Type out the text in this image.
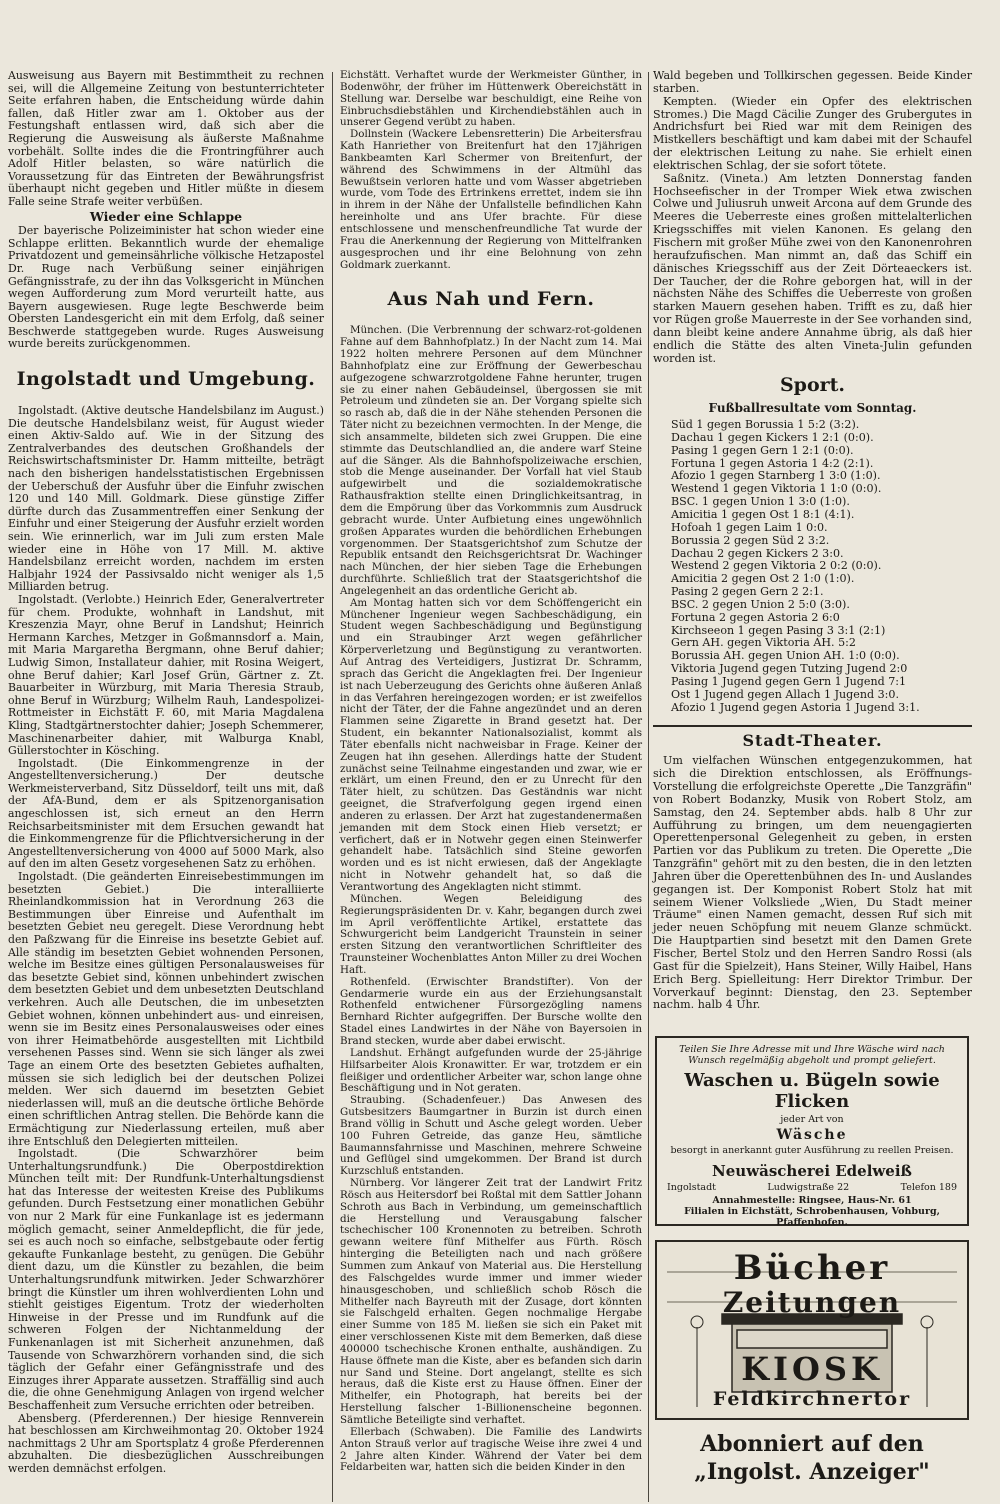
Ausweisung aus Bayern mit Bestimmtheit zu rechnen sei, will die Allgemeine Zeitung von bestunterrichteter Seite erfahren haben, die Entscheidung würde dahin fallen, daß Hitler zwar am 1. Oktober aus der Festungshaft entlassen wird, daß sich aber die Regierung die Ausweisung als äußerste Maßnahme vorbehält. Sollte indes die die Frontringführer auch Adolf Hitler belasten, so wäre natürlich die Voraussetzung für das Eintreten der Bewährungsfrist überhaupt nicht gegeben und Hitler müßte in diesem Falle seine Strafe weiter verbüßen.

Wieder eine Schlappe

Der bayerische Polizeiminister hat schon wieder eine Schlappe erlitten. Bekanntlich wurde der ehemalige Privatdozent und gemeinsährliche völkische Hetzapostel Dr. Ruge nach Verbüßung seiner einjährigen Gefängnisstrafe, zu der ihn das Volksgericht in München wegen Aufforderung zum Mord verurteilt hatte, aus Bayern ausgewiesen. Ruge legte Beschwerde beim Obersten Landesgericht ein mit dem Erfolg, daß seiner Beschwerde stattgegeben wurde. Ruges Ausweisung wurde bereits zurückgenommen.

Ingolstadt und Umgebung.

Ingolstadt. (Aktive deutsche Handelsbilanz im August.) Die deutsche Handelsbilanz weist, für August wieder einen Aktiv-Saldo auf. Wie in der Sitzung des Zentralverbandes des deutschen Großhandels der Reichswirtschaftsminister Dr. Hamm mitteilte, beträgt nach den bisherigen handelsstatistischen Ergebnissen der Ueberschuß der Ausfuhr über die Einfuhr zwischen 120 und 140 Mill. Goldmark. Diese günstige Ziffer dürfte durch das Zusammentreffen einer Senkung der Einfuhr und einer Steigerung der Ausfuhr erzielt worden sein. Wie erinnerlich, war im Juli zum ersten Male wieder eine in Höhe von 17 Mill. M. aktive Handelsbilanz erreicht worden, nachdem im ersten Halbjahr 1924 der Passivsaldo nicht weniger als 1,5 Milliarden betrug.

Ingolstadt. (Verlobte.) Heinrich Eder, Generalvertreter für chem. Produkte, wohnhaft in Landshut, mit Kreszenzia Mayr, ohne Beruf in Landshut; Heinrich Hermann Karches, Metzger in Goßmannsdorf a. Main, mit Maria Margaretha Bergmann, ohne Beruf dahier; Ludwig Simon, Installateur dahier, mit Rosina Weigert, ohne Beruf dahier; Karl Josef Grün, Gärtner z. Zt. Bauarbeiter in Würzburg, mit Maria Theresia Straub, ohne Beruf in Würzburg; Wilhelm Rauh, Landespolizei-Rottmeister in Eichstätt F. 60, mit Maria Magdalena Kling, Stadtgärtnerstochter dahier; Joseph Schemmerer, Maschinenarbeiter dahier, mit Walburga Knabl, Güllerstochter in Kösching.

Ingolstadt. (Die Einkommengrenze in der Angestelltenversicherung.) Der deutsche Werkmeisterverband, Sitz Düsseldorf, teilt uns mit, daß der AfA-Bund, dem er als Spitzenorganisation angeschlossen ist, sich erneut an den Herrn Reichsarbeitsminister mit dem Ersuchen gewandt hat die Einkommengrenze für die Pflichtversicherung in der Angestelltenversicherung von 4000 auf 5000 Mark, also auf den im alten Gesetz vorgesehenen Satz zu erhöhen.

Ingolstadt. (Die geänderten Einreisebestimmungen im besetzten Gebiet.) Die interalliierte Rheinlandkommission hat in Verordnung 263 die Bestimmungen über Einreise und Aufenthalt im besetzten Gebiet neu geregelt. Diese Verordnung hebt den Paßzwang für die Einreise ins besetzte Gebiet auf. Alle ständig im besetzten Gebiet wohnenden Personen, welche im Besitze eines gültigen Personalausweises für das besetzte Gebiet sind, können unbehindert zwischen dem besetzten Gebiet und dem unbesetzten Deutschland verkehren. Auch alle Deutschen, die im unbesetzten Gebiet wohnen, können unbehindert aus- und einreisen, wenn sie im Besitz eines Personalausweises oder eines von ihrer Heimatbehörde ausgestellten mit Lichtbild versehenen Passes sind. Wenn sie sich länger als zwei Tage an einem Orte des besetzten Gebietes aufhalten, müssen sie sich lediglich bei der deutschen Polizei melden. Wer sich dauernd im besetzten Gebiet niederlassen will, muß an die deutsche örtliche Behörde einen schriftlichen Antrag stellen. Die Behörde kann die Ermächtigung zur Niederlassung erteilen, muß aber ihre Entschluß den Delegierten mitteilen.

Ingolstadt. (Die Schwarzhörer beim Unterhaltungsrundfunk.) Die Oberpostdirektion München teilt mit: Der Rundfunk-Unterhaltungsdienst hat das Interesse der weitesten Kreise des Publikums gefunden. Durch Festsetzung einer monatlichen Gebühr von nur 2 Mark für eine Funkanlage ist es jedermann möglich gemacht, seiner Anmeldepflicht, die für jede, sei es auch noch so einfache, selbstgebaute oder fertig gekaufte Funkanlage besteht, zu genügen. Die Gebühr dient dazu, um die Künstler zu bezahlen, die beim Unterhaltungsrundfunk mitwirken. Jeder Schwarzhörer bringt die Künstler um ihren wohlverdienten Lohn und stiehlt geistiges Eigentum. Trotz der wiederholten Hinweise in der Presse und im Rundfunk auf die schweren Folgen der Nichtanmeldung der Funkenanlagen ist mit Sicherheit anzunehmen, daß Tausende von Schwarzhörern vorhanden sind, die sich täglich der Gefahr einer Gefängnisstrafe und des Einzuges ihrer Apparate aussetzen. Straffällig sind auch die, die ohne Genehmigung Anlagen von irgend welcher Beschaffenheit zum Versuche errichten oder betreiben.

Abensberg. (Pferderennen.) Der hiesige Rennverein hat beschlossen am Kirchweihmontag 20. Oktober 1924 nachmittags 2 Uhr am Sportsplatz 4 große Pferderennen abzuhalten. Die diesbezüglichen Ausschreibungen werden demnächst erfolgen.

Eichstätt. Verhaftet wurde der Werkmeister Günther, in Bodenwöhr, der früher im Hüttenwerk Obereichstätt in Stellung war. Derselbe war beschuldigt, eine Reihe von Einbruchsdiebstählen und Kirchendiebstählen auch in unserer Gegend verübt zu haben.

Dollnstein (Wackere Lebensretterin) Die Arbeitersfrau Kath Hanriether von Breitenfurt hat den 17jährigen Bankbeamten Karl Schermer von Breitenfurt, der während des Schwimmens in der Altmühl das Bewußtsein verloren hatte und vom Wasser abgetrieben wurde, vom Tode des Ertrinkens errettet, indem sie ihn in ihrem in der Nähe der Unfallstelle befindlichen Kahn hereinholte und ans Ufer brachte. Für diese entschlossene und menschenfreundliche Tat wurde der Frau die Anerkennung der Regierung von Mittelfranken ausgesprochen und ihr eine Belohnung von zehn Goldmark zuerkannt.

Aus Nah und Fern.

München. (Die Verbrennung der schwarz-rot-goldenen Fahne auf dem Bahnhofplatz.) In der Nacht zum 14. Mai 1922 holten mehrere Personen auf dem Münchner Bahnhofplatz eine zur Eröffnung der Gewerbeschau aufgezogene schwarzrotgoldene Fahne herunter, trugen sie zu einer nahen Gebäudeinsel, übergossen sie mit Petroleum und zündeten sie an. Der Vorgang spielte sich so rasch ab, daß die in der Nähe stehenden Personen die Täter nicht zu bezeichnen vermochten. In der Menge, die sich ansammelte, bildeten sich zwei Gruppen. Die eine stimmte das Deutschlandlied an, die andere warf Steine auf die Sänger. Als die Bahnhofspolizeiwache erschien, stob die Menge auseinander. Der Vorfall hat viel Staub aufgewirbelt und die sozialdemokratische Rathausfraktion stellte einen Dringlichkeitsantrag, in dem die Empörung über das Vorkommnis zum Ausdruck gebracht wurde. Unter Aufbietung eines ungewöhnlich großen Apparates wurden die behördlichen Erhebungen vorgenommen. Der Staatsgerichtshof zum Schutze der Republik entsandt den Reichsgerichtsrat Dr. Wachinger nach München, der hier sieben Tage die Erhebungen durchführte. Schließlich trat der Staatsgerichtshof die Angelegenheit an das ordentliche Gericht ab.

Am Montag hatten sich vor dem Schöffengericht ein Münchener Ingenieur wegen Sachbeschädigung, ein Student wegen Sachbeschädigung und Begünstigung und ein Straubinger Arzt wegen gefährlicher Körperverletzung und Begünstigung zu verantworten. Auf Antrag des Verteidigers, Justizrat Dr. Schramm, sprach das Gericht die Angeklagten frei. Der Ingenieur ist nach Ueberzeugung des Gerichts ohne äußeren Anlaß in das Verfahren hereingezogen worden; er ist zweifellos nicht der Täter, der die Fahne angezündet und an deren Flammen seine Zigarette in Brand gesetzt hat. Der Student, ein bekannter Nationalsozialist, kommt als Täter ebenfalls nicht nachweisbar in Frage. Keiner der Zeugen hat ihn gesehen. Allerdings hatte der Student zunächst seine Teilnahme eingestanden und zwar, wie er erklärt, um einen Freund, den er zu Unrecht für den Täter hielt, zu schützen. Das Geständnis war nicht geeignet, die Strafverfolgung gegen irgend einen anderen zu erlassen. Der Arzt hat zugestandenermaßen jemanden mit dem Stock einen Hieb versetzt; er verfichert, daß er in Notwehr gegen einen Steinwerfer gehandelt habe. Tatsächlich sind Steine geworfen worden und es ist nicht erwiesen, daß der Angeklagte nicht in Notwehr gehandelt hat, so daß die Verantwortung des Angeklagten nicht stimmt.

München. Wegen Beleidigung des Regierungspräsidenten Dr. v. Kahr, begangen durch zwei im April veröffentlichte Artikel, erstattete das Schwurgericht beim Landgericht Traunstein in seiner ersten Sitzung den verantwortlichen Schriftleiter des Traunsteiner Wochenblattes Anton Miller zu drei Wochen Haft.

Rothenfeld. (Erwischter Brandstifter). Von der Gendarmerie wurde ein aus der Erziehungsanstalt Rothenfeld entwichener Fürsorgezögling namens Bernhard Richter aufgegriffen. Der Bursche wollte den Stadel eines Landwirtes in der Nähe von Bayersoien in Brand stecken, wurde aber dabei erwischt.

Landshut. Erhängt aufgefunden wurde der 25-jährige Hilfsarbeiter Alois Kronawitter. Er war, trotzdem er ein fleißiger und ordentlicher Arbeiter war, schon lange ohne Beschäftigung und in Not geraten.

Straubing. (Schadenfeuer.) Das Anwesen des Gutsbesitzers Baumgartner in Burzin ist durch einen Brand völlig in Schutt und Asche gelegt worden. Ueber 100 Fuhren Getreide, das ganze Heu, sämtliche Baumannsfahrnisse und Maschinen, mehrere Schweine und Geflügel sind umgekommen. Der Brand ist durch Kurzschluß entstanden.

Nürnberg. Vor längerer Zeit trat der Landwirt Fritz Rösch aus Heitersdorf bei Roßtal mit dem Sattler Johann Schroth aus Bach in Verbindung, um gemeinschaftlich die Herstellung und Verausgabung falscher tschechischer 100 Kronennoten zu betreiben. Schroth gewann weitere fünf Mithelfer aus Fürth. Rösch hinterging die Beteiligten nach und nach größere Summen zum Ankauf von Material aus. Die Herstellung des Falschgeldes wurde immer und immer wieder hinausgeschoben, und schließlich schob Rösch die Mithelfer nach Bayreuth mit der Zusage, dort könnten sie Falschgeld erhalten. Gegen nochmalige Hergabe einer Summe von 185 M. ließen sie sich ein Paket mit einer verschlossenen Kiste mit dem Bemerken, daß diese 400000 tschechische Kronen enthalte, aushändigen. Zu Hause öffnete man die Kiste, aber es befanden sich darin nur Sand und Steine. Dort angelangt, stellte es sich heraus, daß die Kiste erst zu Hause öffnen. Einer der Mithelfer, ein Photograph, hat bereits bei der Herstellung falscher 1-Billionenscheine begonnen. Sämtliche Beteiligte sind verhaftet.

Ellerbach (Schwaben). Die Familie des Landwirts Anton Strauß verlor auf tragische Weise ihre zwei 4 und 2 Jahre alten Kinder. Während der Vater bei dem Feldarbeiten war, hatten sich die beiden Kinder in den

Wald begeben und Tollkirschen gegessen. Beide Kinder starben.

Kempten. (Wieder ein Opfer des elektrischen Stromes.) Die Magd Cäcilie Zunger des Grubergutes in Andrichsfurt bei Ried war mit dem Reinigen des Mistkellers beschäftigt und kam dabei mit der Schaufel der elektrischen Leitung zu nahe. Sie erhielt einen elektrischen Schlag, der sie sofort tötete.

Saßnitz. (Vineta.) Am letzten Donnerstag fanden Hochseefischer in der Tromper Wiek etwa zwischen Colwe und Juliusruh unweit Arcona auf dem Grunde des Meeres die Ueberreste eines großen mittelalterlichen Kriegsschiffes mit vielen Kanonen. Es gelang den Fischern mit großer Mühe zwei von den Kanonenrohren heraufzufischen. Man nimmt an, daß das Schiff ein dänisches Kriegsschiff aus der Zeit Dörteaeckers ist. Der Taucher, der die Rohre geborgen hat, will in der nächsten Nähe des Schiffes die Ueberreste von großen starken Mauern gesehen haben. Trifft es zu, daß hier vor Rügen große Mauerreste in der See vorhanden sind, dann bleibt keine andere Annahme übrig, als daß hier endlich die Stätte des alten Vineta-Julin gefunden worden ist.

Sport.
Fußballresultate vom Sonntag.
Süd 1 gegen Borussia 1 5:2 (3:2).
Dachau 1 gegen Kickers 1 2:1 (0:0).
Pasing 1 gegen Gern 1 2:1 (0:0).
Fortuna 1 gegen Astoria 1 4:2 (2:1).
Afozio 1 gegen Starnberg 1 3:0 (1:0).
Westend 1 gegen Viktoria 1 1:0 (0:0).
BSC. 1 gegen Union 1 3:0 (1:0).
Amicitia 1 gegen Ost 1 8:1 (4:1).
Hofoah 1 gegen Laim 1 0:0.
Borussia 2 gegen Süd 2 3:2.
Dachau 2 gegen Kickers 2 3:0.
Westend 2 gegen Viktoria 2 0:2 (0:0).
Amicitia 2 gegen Ost 2 1:0 (1:0).
Pasing 2 gegen Gern 2 2:1.
BSC. 2 gegen Union 2 5:0 (3:0).
Fortuna 2 gegen Astoria 2 6:0
Kirchseeon 1 gegen Pasing 3 3:1 (2:1)
Gern AH. gegen Viktoria AH. 5:2
Borussia AH. gegen Union AH. 1:0 (0:0).
Viktoria Jugend gegen Tutzing Jugend 2:0
Pasing 1 Jugend gegen Gern 1 Jugend 7:1
Ost 1 Jugend gegen Allach 1 Jugend 3:0.
Afozio 1 Jugend gegen Astoria 1 Jugend 3:1.
Stadt-Theater.

Um vielfachen Wünschen entgegenzukommen, hat sich die Direktion entschlossen, als Eröffnungs-Vorstellung die erfolgreichste Operette „Die Tanzgräfin" von Robert Bodanzky, Musik von Robert Stolz, am Samstag, den 24. September abds. halb 8 Uhr zur Aufführung zu bringen, um dem neuengagierten Operettenpersonal Gelegenheit zu geben, in ersten Partien vor das Publikum zu treten. Die Operette „Die Tanzgräfin" gehört mit zu den besten, die in den letzten Jahren über die Operettenbühnen des In- und Auslandes gegangen ist. Der Komponist Robert Stolz hat mit seinem Wiener Volksliede „Wien, Du Stadt meiner Träume" einen Namen gemacht, dessen Ruf sich mit jeder neuen Schöpfung mit neuem Glanze schmückt. Die Hauptpartien sind besetzt mit den Damen Grete Fischer, Bertel Stolz und den Herren Sandro Rossi (als Gast für die Spielzeit), Hans Steiner, Willy Haibel, Hans Erich Berg. Spielleitung: Herr Direktor Trimbur. Der Vorverkauf beginnt: Dienstag, den 23. September nachm. halb 4 Uhr.

Teilen Sie Ihre Adresse mit und Ihre Wäsche wird nach Wunsch regelmäßig abgeholt und prompt geliefert.
Waschen u. Bügeln sowie Flicken
jeder Art von
Wäsche
besorgt in anerkannt guter Ausführung zu reellen Preisen.
Neuwäscherei Edelweiß
Ingolstadt	Ludwigstraße 22	Telefon 189
Annahmestelle: Ringsee, Haus-Nr. 61
Filialen in Eichstätt, Schrobenhausen, Vohburg, Pfaffenhofen.
Bücher
Zeitungen
KIOSK
Feldkirchnertor
Abonniert auf den
„Ingolst. Anzeiger"
